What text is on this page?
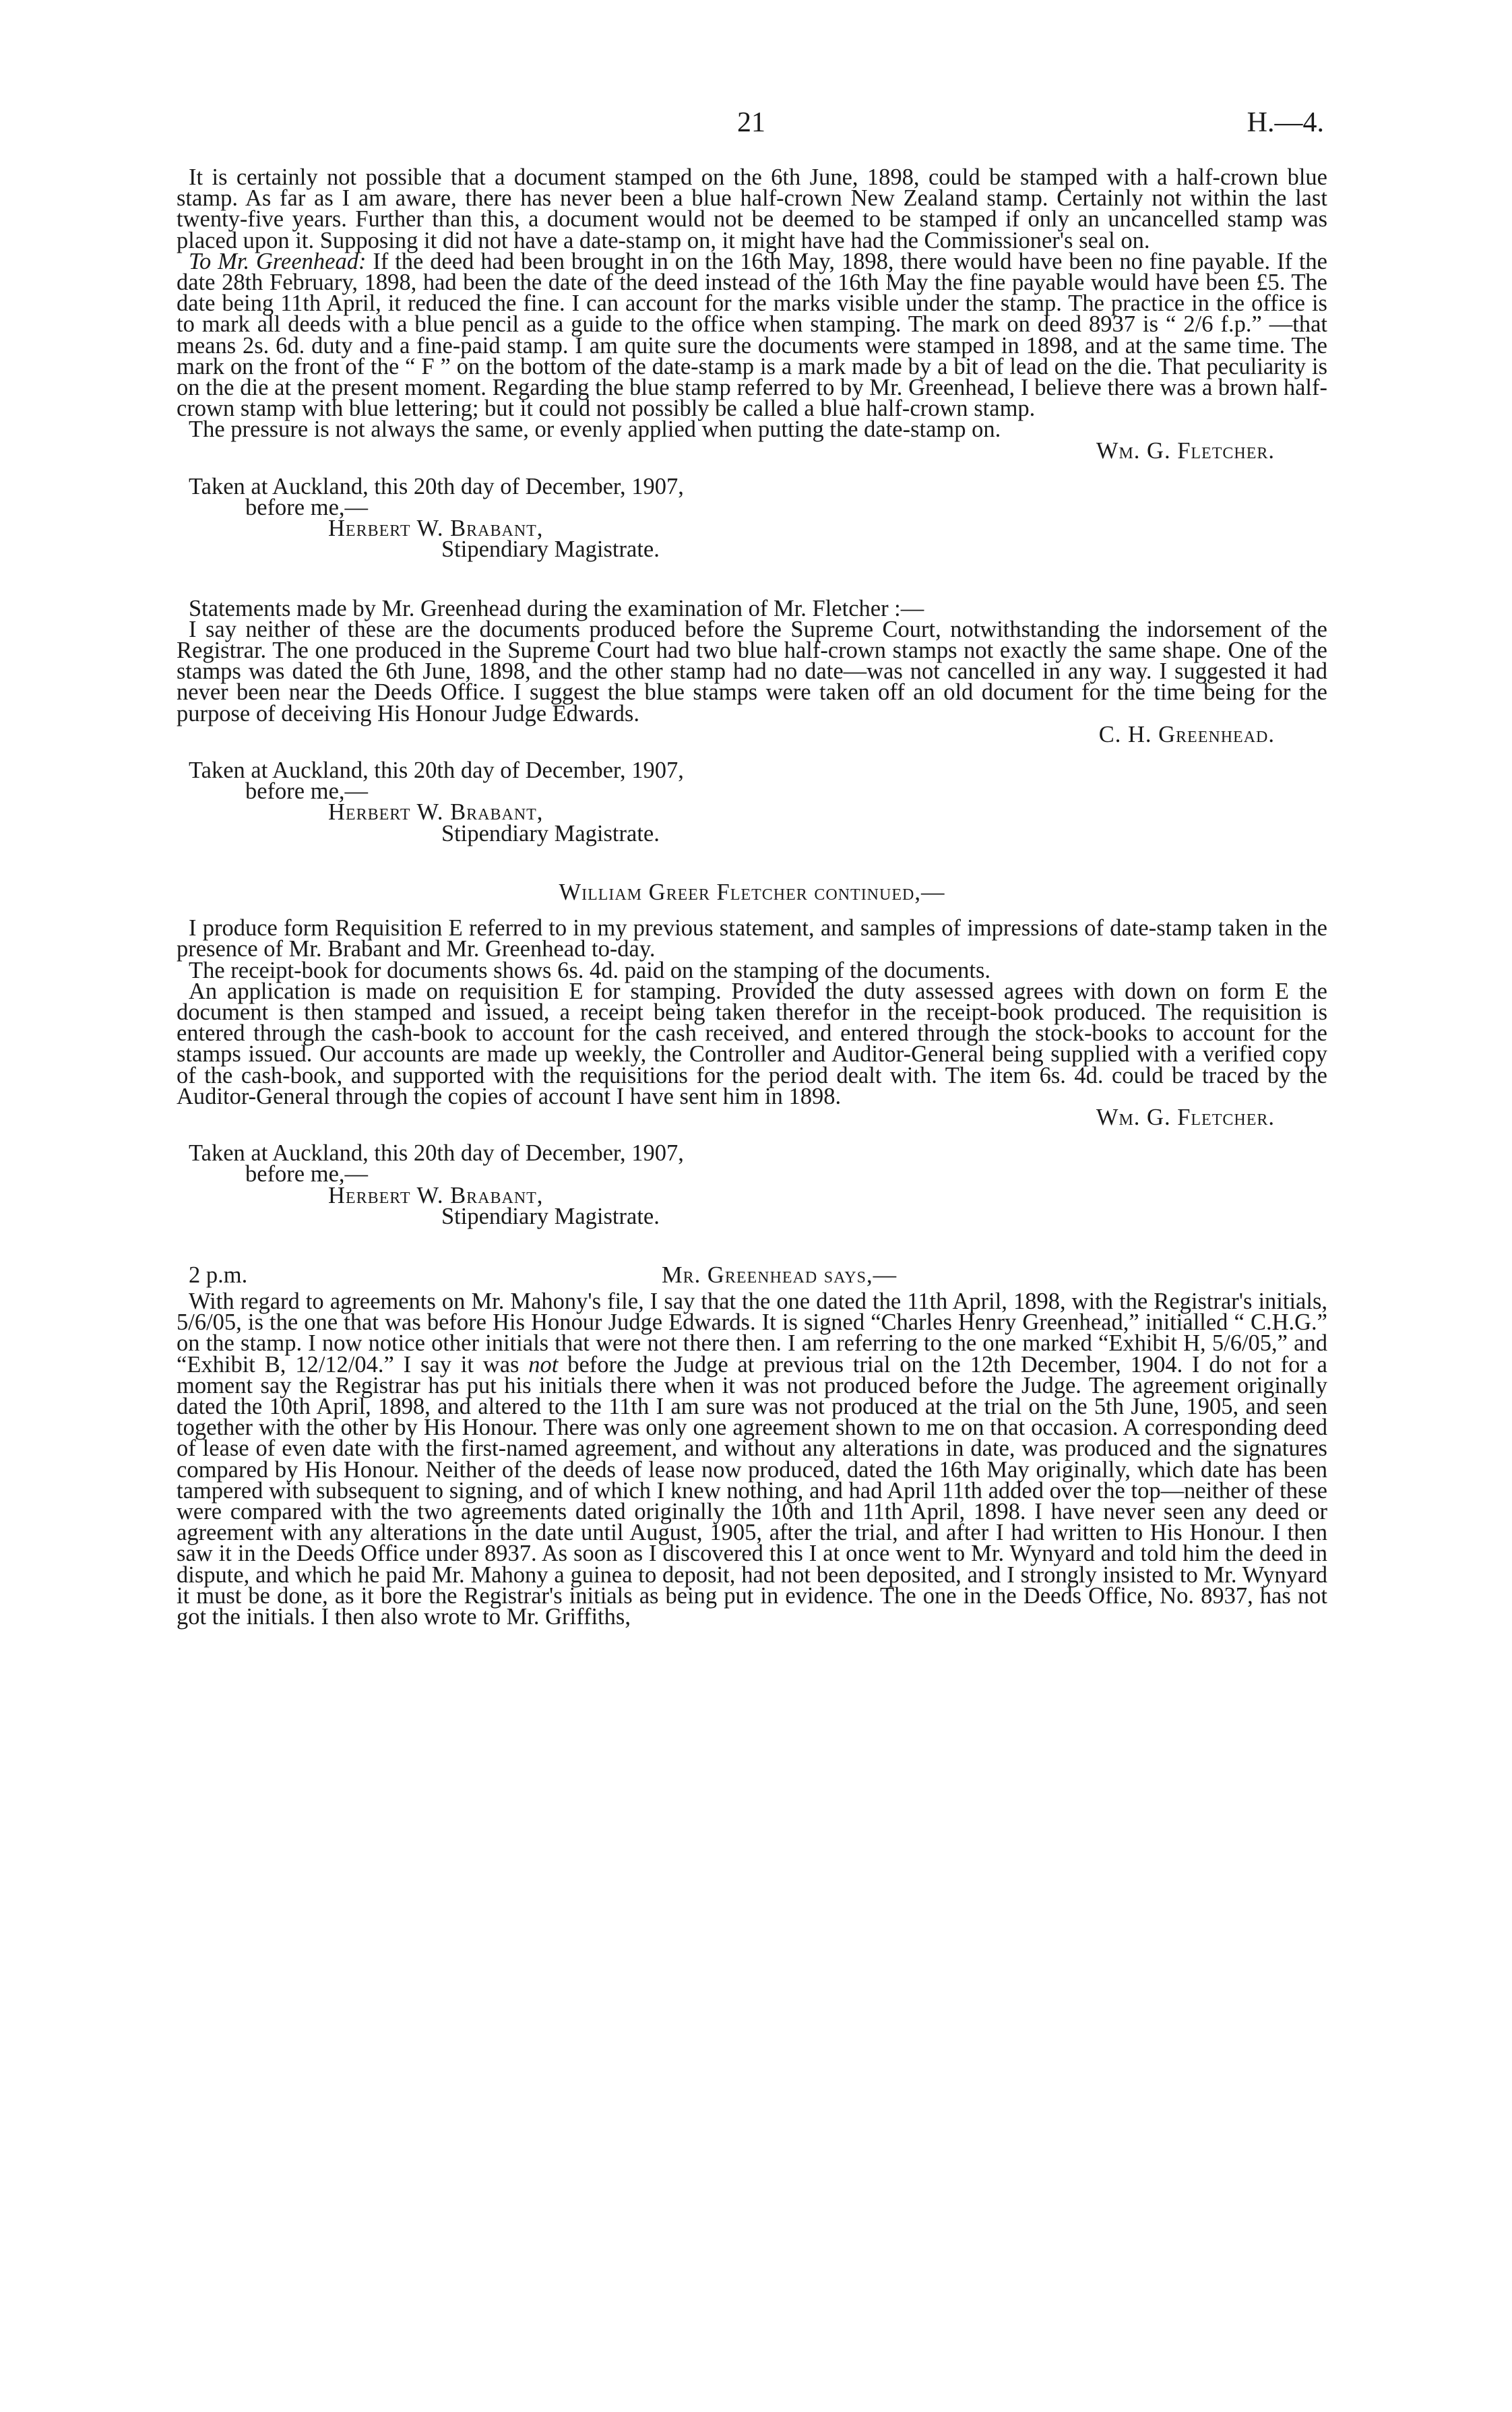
21	H.—4.

It is certainly not possible that a document stamped on the 6th June, 1898, could be stamped with a half-crown blue stamp. As far as I am aware, there has never been a blue half-crown New Zealand stamp. Certainly not within the last twenty-five years. Further than this, a document would not be deemed to be stamped if only an uncancelled stamp was placed upon it. Supposing it did not have a date-stamp on, it might have had the Commissioner's seal on.

To Mr. Greenhead: If the deed had been brought in on the 16th May, 1898, there would have been no fine payable. If the date 28th February, 1898, had been the date of the deed instead of the 16th May the fine payable would have been £5. The date being 11th April, it reduced the fine. I can account for the marks visible under the stamp. The practice in the office is to mark all deeds with a blue pencil as a guide to the office when stamping. The mark on deed 8937 is “ 2/6 f.p.” —that means 2s. 6d. duty and a fine-paid stamp. I am quite sure the documents were stamped in 1898, and at the same time. The mark on the front of the “ F ” on the bottom of the date-stamp is a mark made by a bit of lead on the die. That peculiarity is on the die at the present moment. Regarding the blue stamp referred to by Mr. Greenhead, I believe there was a brown half-crown stamp with blue lettering; but it could not possibly be called a blue half-crown stamp.

The pressure is not always the same, or evenly applied when putting the date-stamp on.

Wm. G. Fletcher.

Taken at Auckland, this 20th day of December, 1907,

before me,—

Herbert W. Brabant,

Stipendiary Magistrate.

Statements made by Mr. Greenhead during the examination of Mr. Fletcher :—

I say neither of these are the documents produced before the Supreme Court, notwithstanding the indorsement of the Registrar. The one produced in the Supreme Court had two blue half-crown stamps not exactly the same shape. One of the stamps was dated the 6th June, 1898, and the other stamp had no date—was not cancelled in any way. I suggested it had never been near the Deeds Office. I suggest the blue stamps were taken off an old document for the time being for the purpose of deceiving His Honour Judge Edwards.

C. H. Greenhead.

Taken at Auckland, this 20th day of December, 1907,

before me,—

Herbert W. Brabant,

Stipendiary Magistrate.

William Greer Fletcher continued,—

I produce form Requisition E referred to in my previous statement, and samples of impressions of date-stamp taken in the presence of Mr. Brabant and Mr. Greenhead to-day.

The receipt-book for documents shows 6s. 4d. paid on the stamping of the documents.

An application is made on requisition E for stamping. Provided the duty assessed agrees with down on form E the document is then stamped and issued, a receipt being taken therefor in the receipt-book produced. The requisition is entered through the cash-book to account for the cash received, and entered through the stock-books to account for the stamps issued. Our accounts are made up weekly, the Controller and Auditor-General being supplied with a verified copy of the cash-book, and supported with the requisitions for the period dealt with. The item 6s. 4d. could be traced by the Auditor-General through the copies of account I have sent him in 1898.

Wm. G. Fletcher.

Taken at Auckland, this 20th day of December, 1907,

before me,—

Herbert W. Brabant,

Stipendiary Magistrate.

2 p.m.	Mr. Greenhead says,—

With regard to agreements on Mr. Mahony's file, I say that the one dated the 11th April, 1898, with the Registrar's initials, 5/6/05, is the one that was before His Honour Judge Edwards. It is signed “Charles Henry Greenhead,” initialled “ C.H.G.” on the stamp. I now notice other initials that were not there then. I am referring to the one marked “Exhibit H, 5/6/05,” and “Exhibit B, 12/12/04.” I say it was not before the Judge at previous trial on the 12th December, 1904. I do not for a moment say the Registrar has put his initials there when it was not produced before the Judge. The agreement originally dated the 10th April, 1898, and altered to the 11th I am sure was not produced at the trial on the 5th June, 1905, and seen together with the other by His Honour. There was only one agreement shown to me on that occasion. A corresponding deed of lease of even date with the first-named agreement, and without any alterations in date, was produced and the signatures compared by His Honour. Neither of the deeds of lease now produced, dated the 16th May originally, which date has been tampered with subsequent to signing, and of which I knew nothing, and had April 11th added over the top—neither of these were compared with the two agreements dated originally the 10th and 11th April, 1898. I have never seen any deed or agreement with any alterations in the date until August, 1905, after the trial, and after I had written to His Honour. I then saw it in the Deeds Office under 8937. As soon as I discovered this I at once went to Mr. Wynyard and told him the deed in dispute, and which he paid Mr. Mahony a guinea to deposit, had not been deposited, and I strongly insisted to Mr. Wynyard it must be done, as it bore the Registrar's initials as being put in evidence. The one in the Deeds Office, No. 8937, has not got the initials. I then also wrote to Mr. Griffiths,
